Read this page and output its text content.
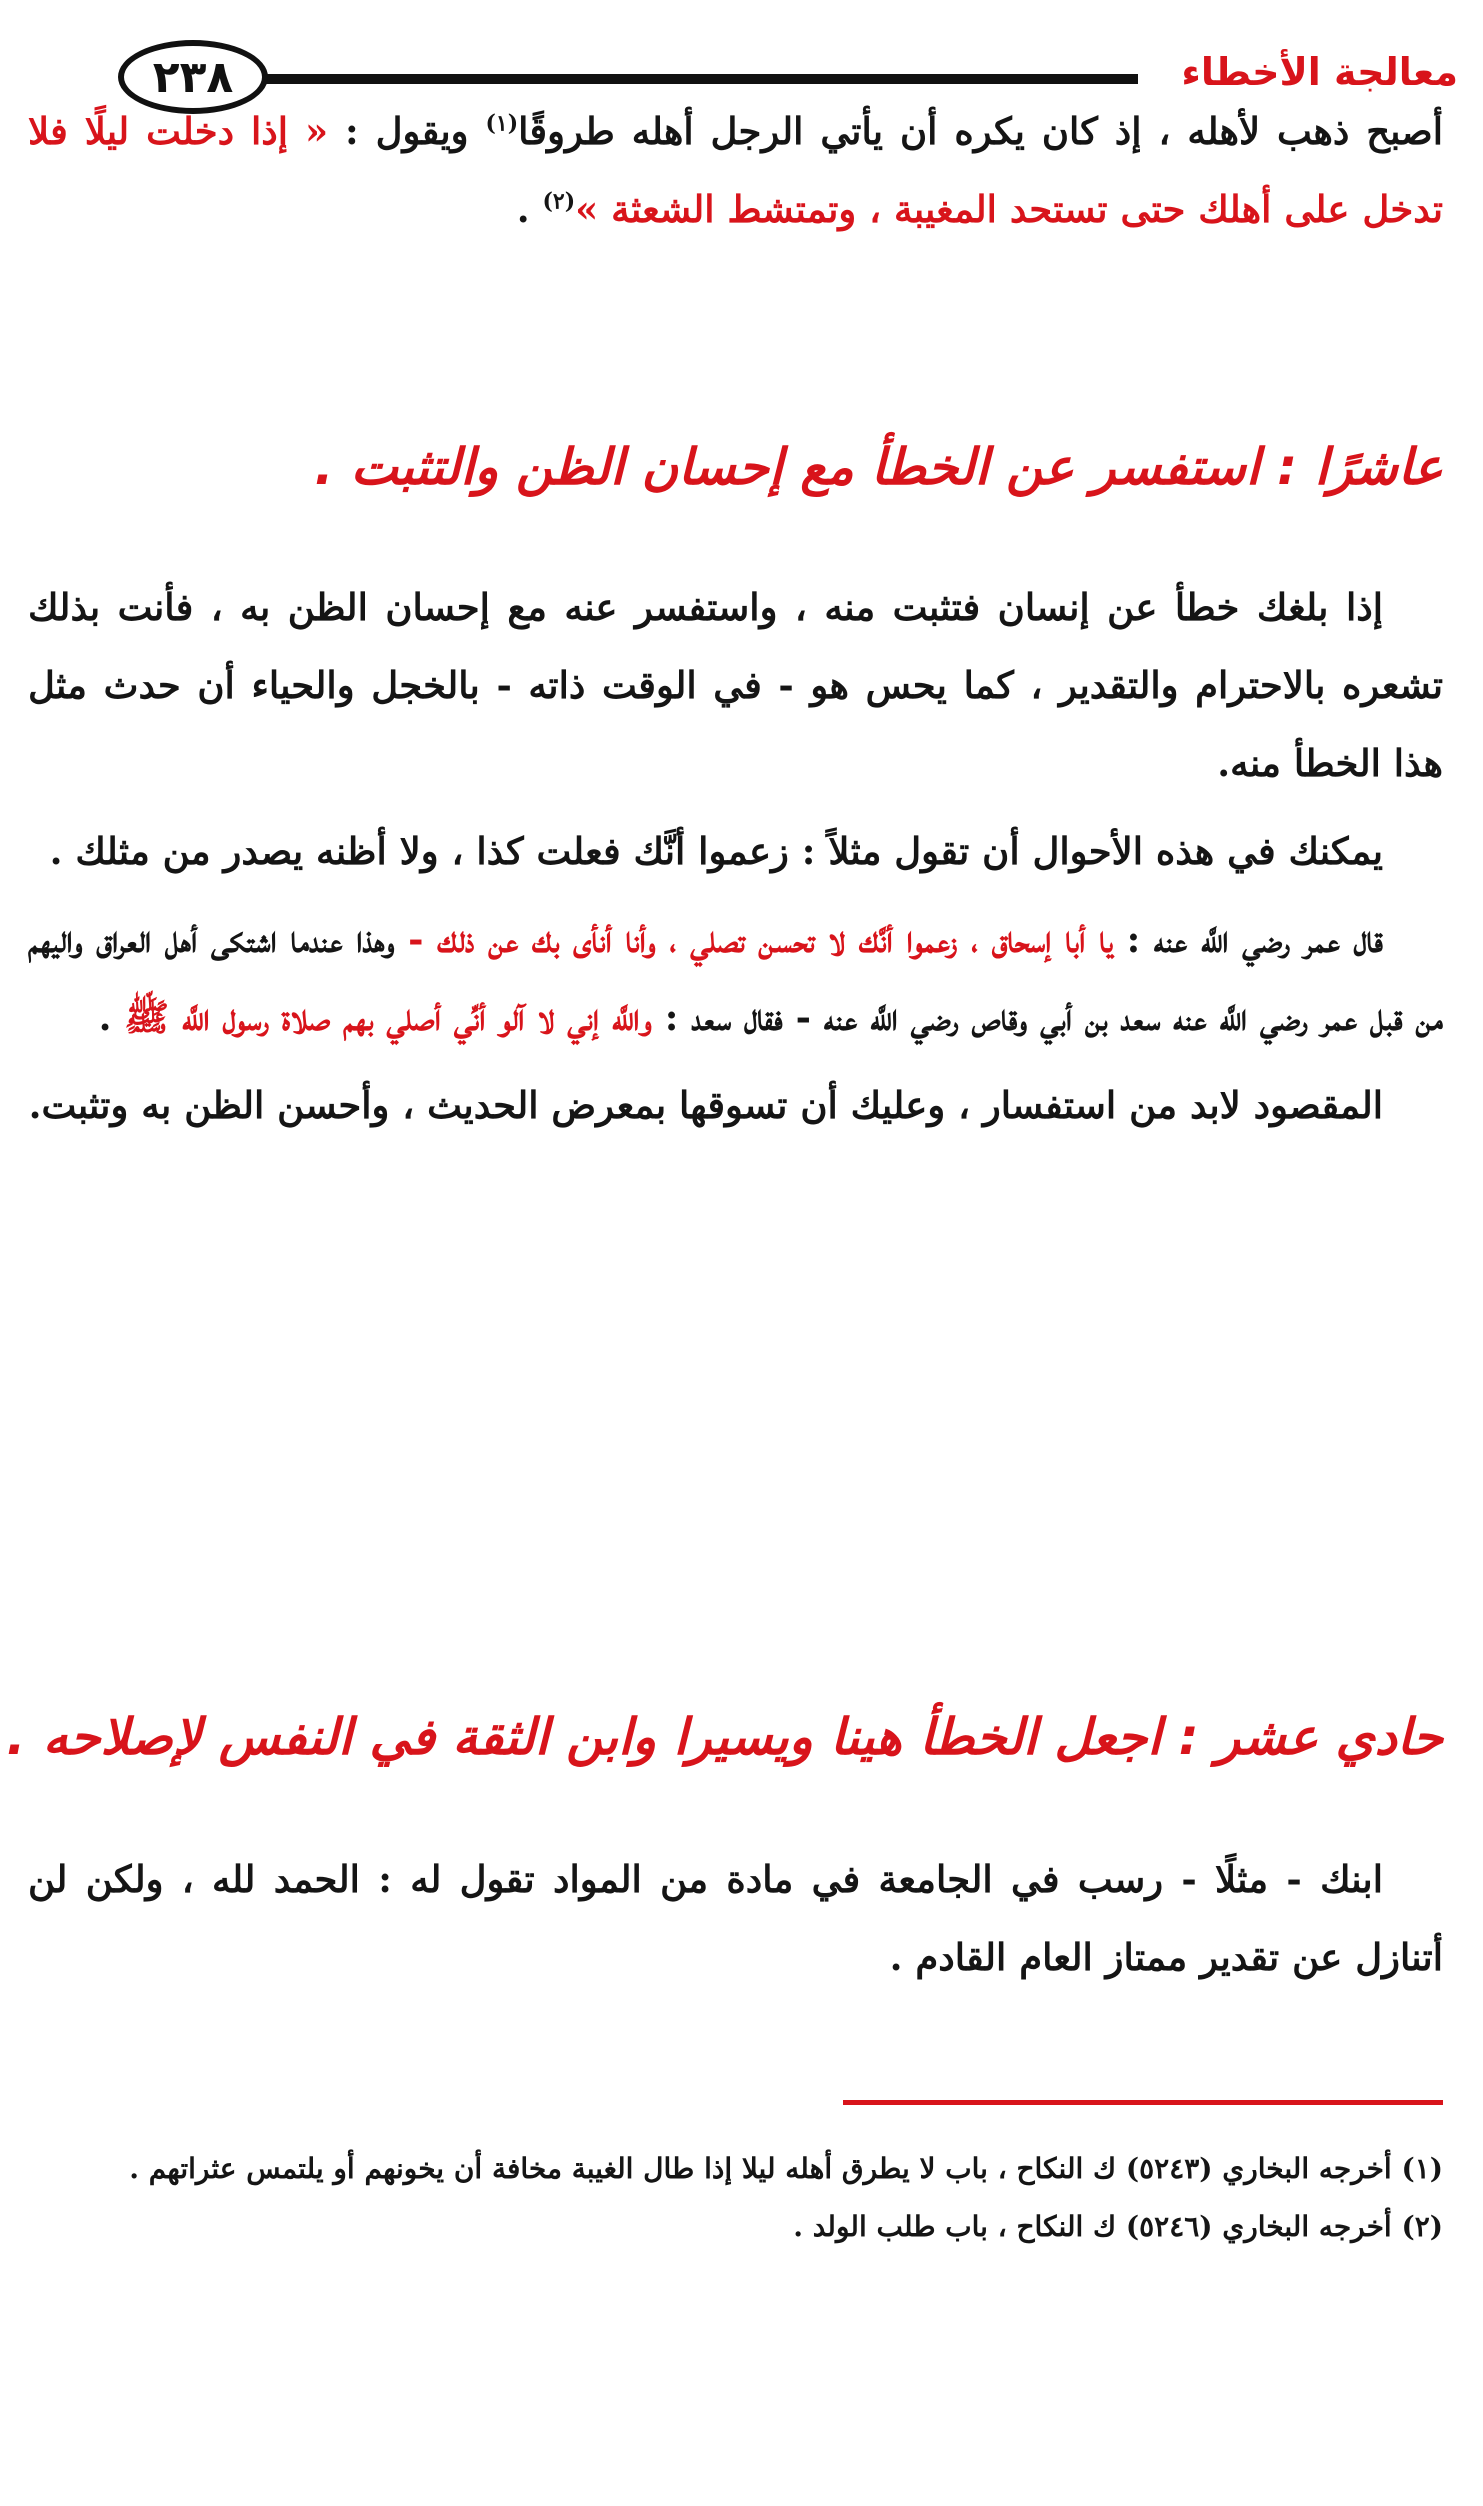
معالجة الأخطاء
٢٣٨

أصبح ذهب لأهله ، إذ كان يكره أن يأتي الرجل أهله طروقًا$^{(١)}$ ويقول : « إذا دخلت ليلًا فلا تدخل على أهلك حتى تستحد المغيبة ، وتمتشط الشعثة »$^{(٢)}$ .

عاشرًا : استفسر عن الخطأ مع إحسان الظن والتثبت .

إذا بلغك خطأ عن إنسان فتثبت منه ، واستفسر عنه مع إحسان الظن به ، فأنت بذلك تشعره بالاحترام والتقدير ، كما يحس هو - في الوقت ذاته - بالخجل والحياء أن حدث مثل هذا الخطأ منه.

يمكنك في هذه الأحوال أن تقول مثلاً : زعموا أنَّك فعلت كذا ، ولا أظنه يصدر من مثلك .

قال عمر رضي اللَّه عنه : يا أبا إسحاق ، زعموا أنَّك لا تحسن تصلي ، وأنا أنأى بك عن ذلك - وهذا عندما اشتكى أهل العراق واليهم من قبل عمر رضي اللَّه عنه سعد بن أبي وقاص رضي اللَّه عنه - فقال سعد : واللَّه إني لا آلو أنِّي أصلي بهم صلاة رسول اللَّه ﷺ .

المقصود لابد من استفسار ، وعليك أن تسوقها بمعرض الحديث ، وأحسن الظن به وتثبت.

حادي عشر : اجعل الخطأ هينا ويسيرا وابن الثقة في النفس لإصلاحه .

ابنك - مثلًا - رسب في الجامعة في مادة من المواد تقول له : الحمد لله ، ولكن لن أتنازل عن تقدير ممتاز العام القادم .

(١) أخرجه البخاري (٥٢٤٣) ك النكاح ، باب لا يطرق أهله ليلا إذا طال الغيبة مخافة أن يخونهم أو يلتمس عثراتهم .

(٢) أخرجه البخاري (٥٢٤٦) ك النكاح ، باب طلب الولد .
